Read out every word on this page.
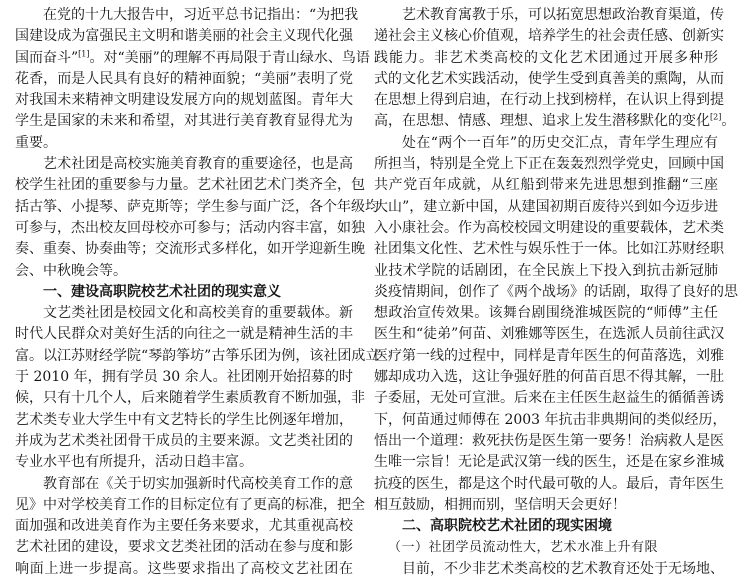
在党的十九大报告中，习近平总书记指出：“为把我
国建设成为富强民主文明和谐美丽的社会主义现代化强
国而奋斗”[1]。对“美丽”的理解不再局限于青山绿水、鸟语
花香，而是人民具有良好的精神面貌；“美丽”表明了党
对我国未来精神文明建设发展方向的规划蓝图。青年大
学生是国家的未来和希望，对其进行美育教育显得尤为
重要。
艺术社团是高校实施美育教育的重要途径，也是高
校学生社团的重要参与力量。艺术社团艺术门类齐全，包
括古筝、小提琴、萨克斯等；学生参与面广泛，各个年级均
可参与，杰出校友回母校亦可参与；活动内容丰富，如独
奏、重奏、协奏曲等；交流形式多样化，如开学迎新生晚
会、中秋晚会等。
一、建设高职院校艺术社团的现实意义
文艺类社团是校园文化和高校美育的重要载体。新
时代人民群众对美好生活的向往之一就是精神生活的丰
富。以江苏财经学院“琴韵筝坊”古筝乐团为例，该社团成立
于 2010 年，拥有学员 30 余人。社团刚开始招募的时
候，只有十几个人，后来随着学生素质教育不断加强，非
艺术类专业大学生中有文艺特长的学生比例逐年增加，
并成为艺术类社团骨干成员的主要来源。文艺类社团的
专业水平也有所提升，活动日趋丰富。
教育部在《关于切实加强新时代高校美育工作的意
见》中对学校美育工作的目标定位有了更高的标准，把全
面加强和改进美育作为主要任务来要求，尤其重视高校
艺术社团的建设，要求文艺类社团的活动在参与度和影
响面上进一步提高。这些要求指出了高校文艺社团在
艺术教育寓教于乐，可以拓宽思想政治教育渠道，传
递社会主义核心价值观，培养学生的社会责任感、创新实
践能力。非艺术类高校的文化艺术团通过开展多种形
式的文化艺术实践活动，使学生受到真善美的熏陶，从而
在思想上得到启迪，在行动上找到榜样，在认识上得到提
高，在思想、情感、理想、追求上发生潜移默化的变化[2]。
处在“两个一百年”的历史交汇点，青年学生理应有
所担当，特别是全党上下正在轰轰烈烈学党史，回顾中国
共产党百年成就，从红船到带来先进思想到推翻“三座
大山”，建立新中国，从建国初期百废待兴到如今迈步进
入小康社会。作为高校校园文明建设的重要载体，艺术类
社团集文化性、艺术性与娱乐性于一体。比如江苏财经职
业技术学院的话剧团，在全民族上下投入到抗击新冠肺
炎疫情期间，创作了《两个战场》的话剧，取得了良好的思
想政治宣传效果。该舞台剧围绕淮城医院的“师傅”主任
医生和“徒弟”何苗、刘雅娜等医生，在选派人员前往武汉
医疗第一线的过程中，同样是青年医生的何苗落选，刘雅
娜却成功入选，这让争强好胜的何苗百思不得其解，一肚
子委屈，无处可宣泄。后来在主任医生赵益生的循循善诱
下，何苗通过师傅在 2003 年抗击非典期间的类似经历，
悟出一个道理：救死扶伤是医生第一要务！治病救人是医
生唯一宗旨！无论是武汉第一线的医生，还是在家乡淮城
抗疫的医生，都是这个时代最可敬的人。最后，青年医生
相互鼓励，相拥而别，坚信明天会更好！
二、高职院校艺术社团的现实困境
（一）社团学员流动性大，艺术水准上升有限
目前，不少非艺术类高校的艺术教育还处于无场地、
